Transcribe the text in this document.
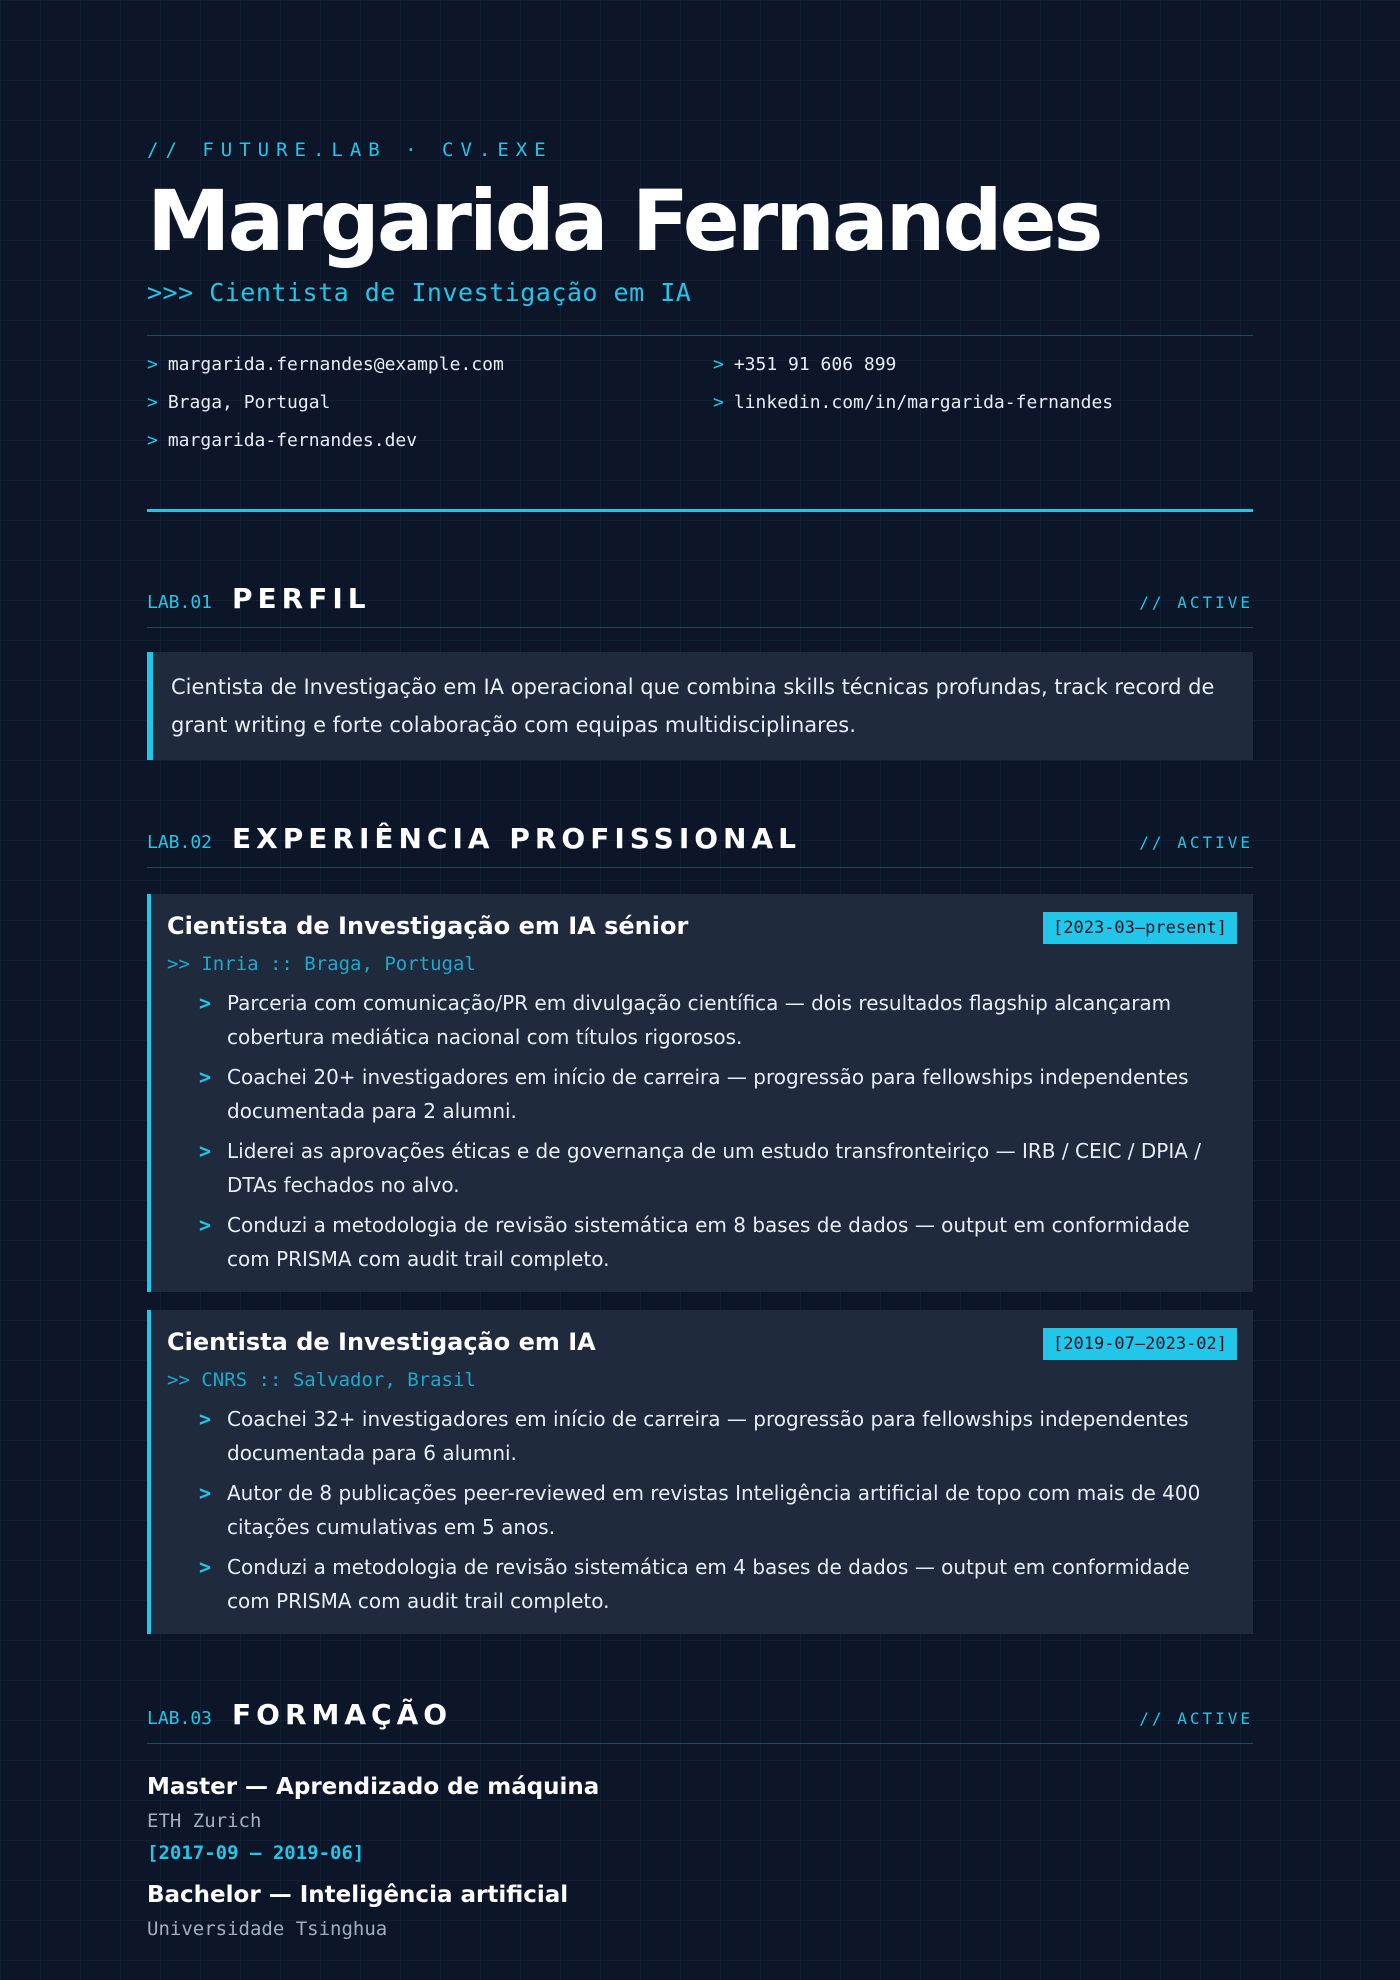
// FUTURE.LAB · CV.EXE
Margarida Fernandes
>>> Cientista de Investigação em IA
> margarida.fernandes@example.com	> +351 91 606 899
> Braga, Portugal	> linkedin.com/in/margarida-fernandes
> margarida-fernandes.dev
LAB.01 PERFIL	// ACTIVE
Cientista de Investigação em IA operacional que combina skills técnicas profundas, track record de grant writing e forte colaboração com equipas multidisciplinares.
LAB.02 EXPERIÊNCIA PROFISSIONAL	// ACTIVE
Cientista de Investigação em IA sénior	[2023-03—present]
>> Inria :: Braga, Portugal
> Parceria com comunicação/PR em divulgação científica — dois resultados flagship alcançaram cobertura mediática nacional com títulos rigorosos.
> Coachei 20+ investigadores em início de carreira — progressão para fellowships independentes documentada para 2 alumni.
> Liderei as aprovações éticas e de governança de um estudo transfronteiriço — IRB / CEIC / DPIA / DTAs fechados no alvo.
> Conduzi a metodologia de revisão sistemática em 8 bases de dados — output em conformidade com PRISMA com audit trail completo.
Cientista de Investigação em IA	[2019-07—2023-02]
>> CNRS :: Salvador, Brasil
> Coachei 32+ investigadores em início de carreira — progressão para fellowships independentes documentada para 6 alumni.
> Autor de 8 publicações peer-reviewed em revistas Inteligência artificial de topo com mais de 400 citações cumulativas em 5 anos.
> Conduzi a metodologia de revisão sistemática em 4 bases de dados — output em conformidade com PRISMA com audit trail completo.
LAB.03 FORMAÇÃO	// ACTIVE
Master — Aprendizado de máquina
ETH Zurich
[2017-09 – 2019-06]
Bachelor — Inteligência artificial
Universidade Tsinghua
